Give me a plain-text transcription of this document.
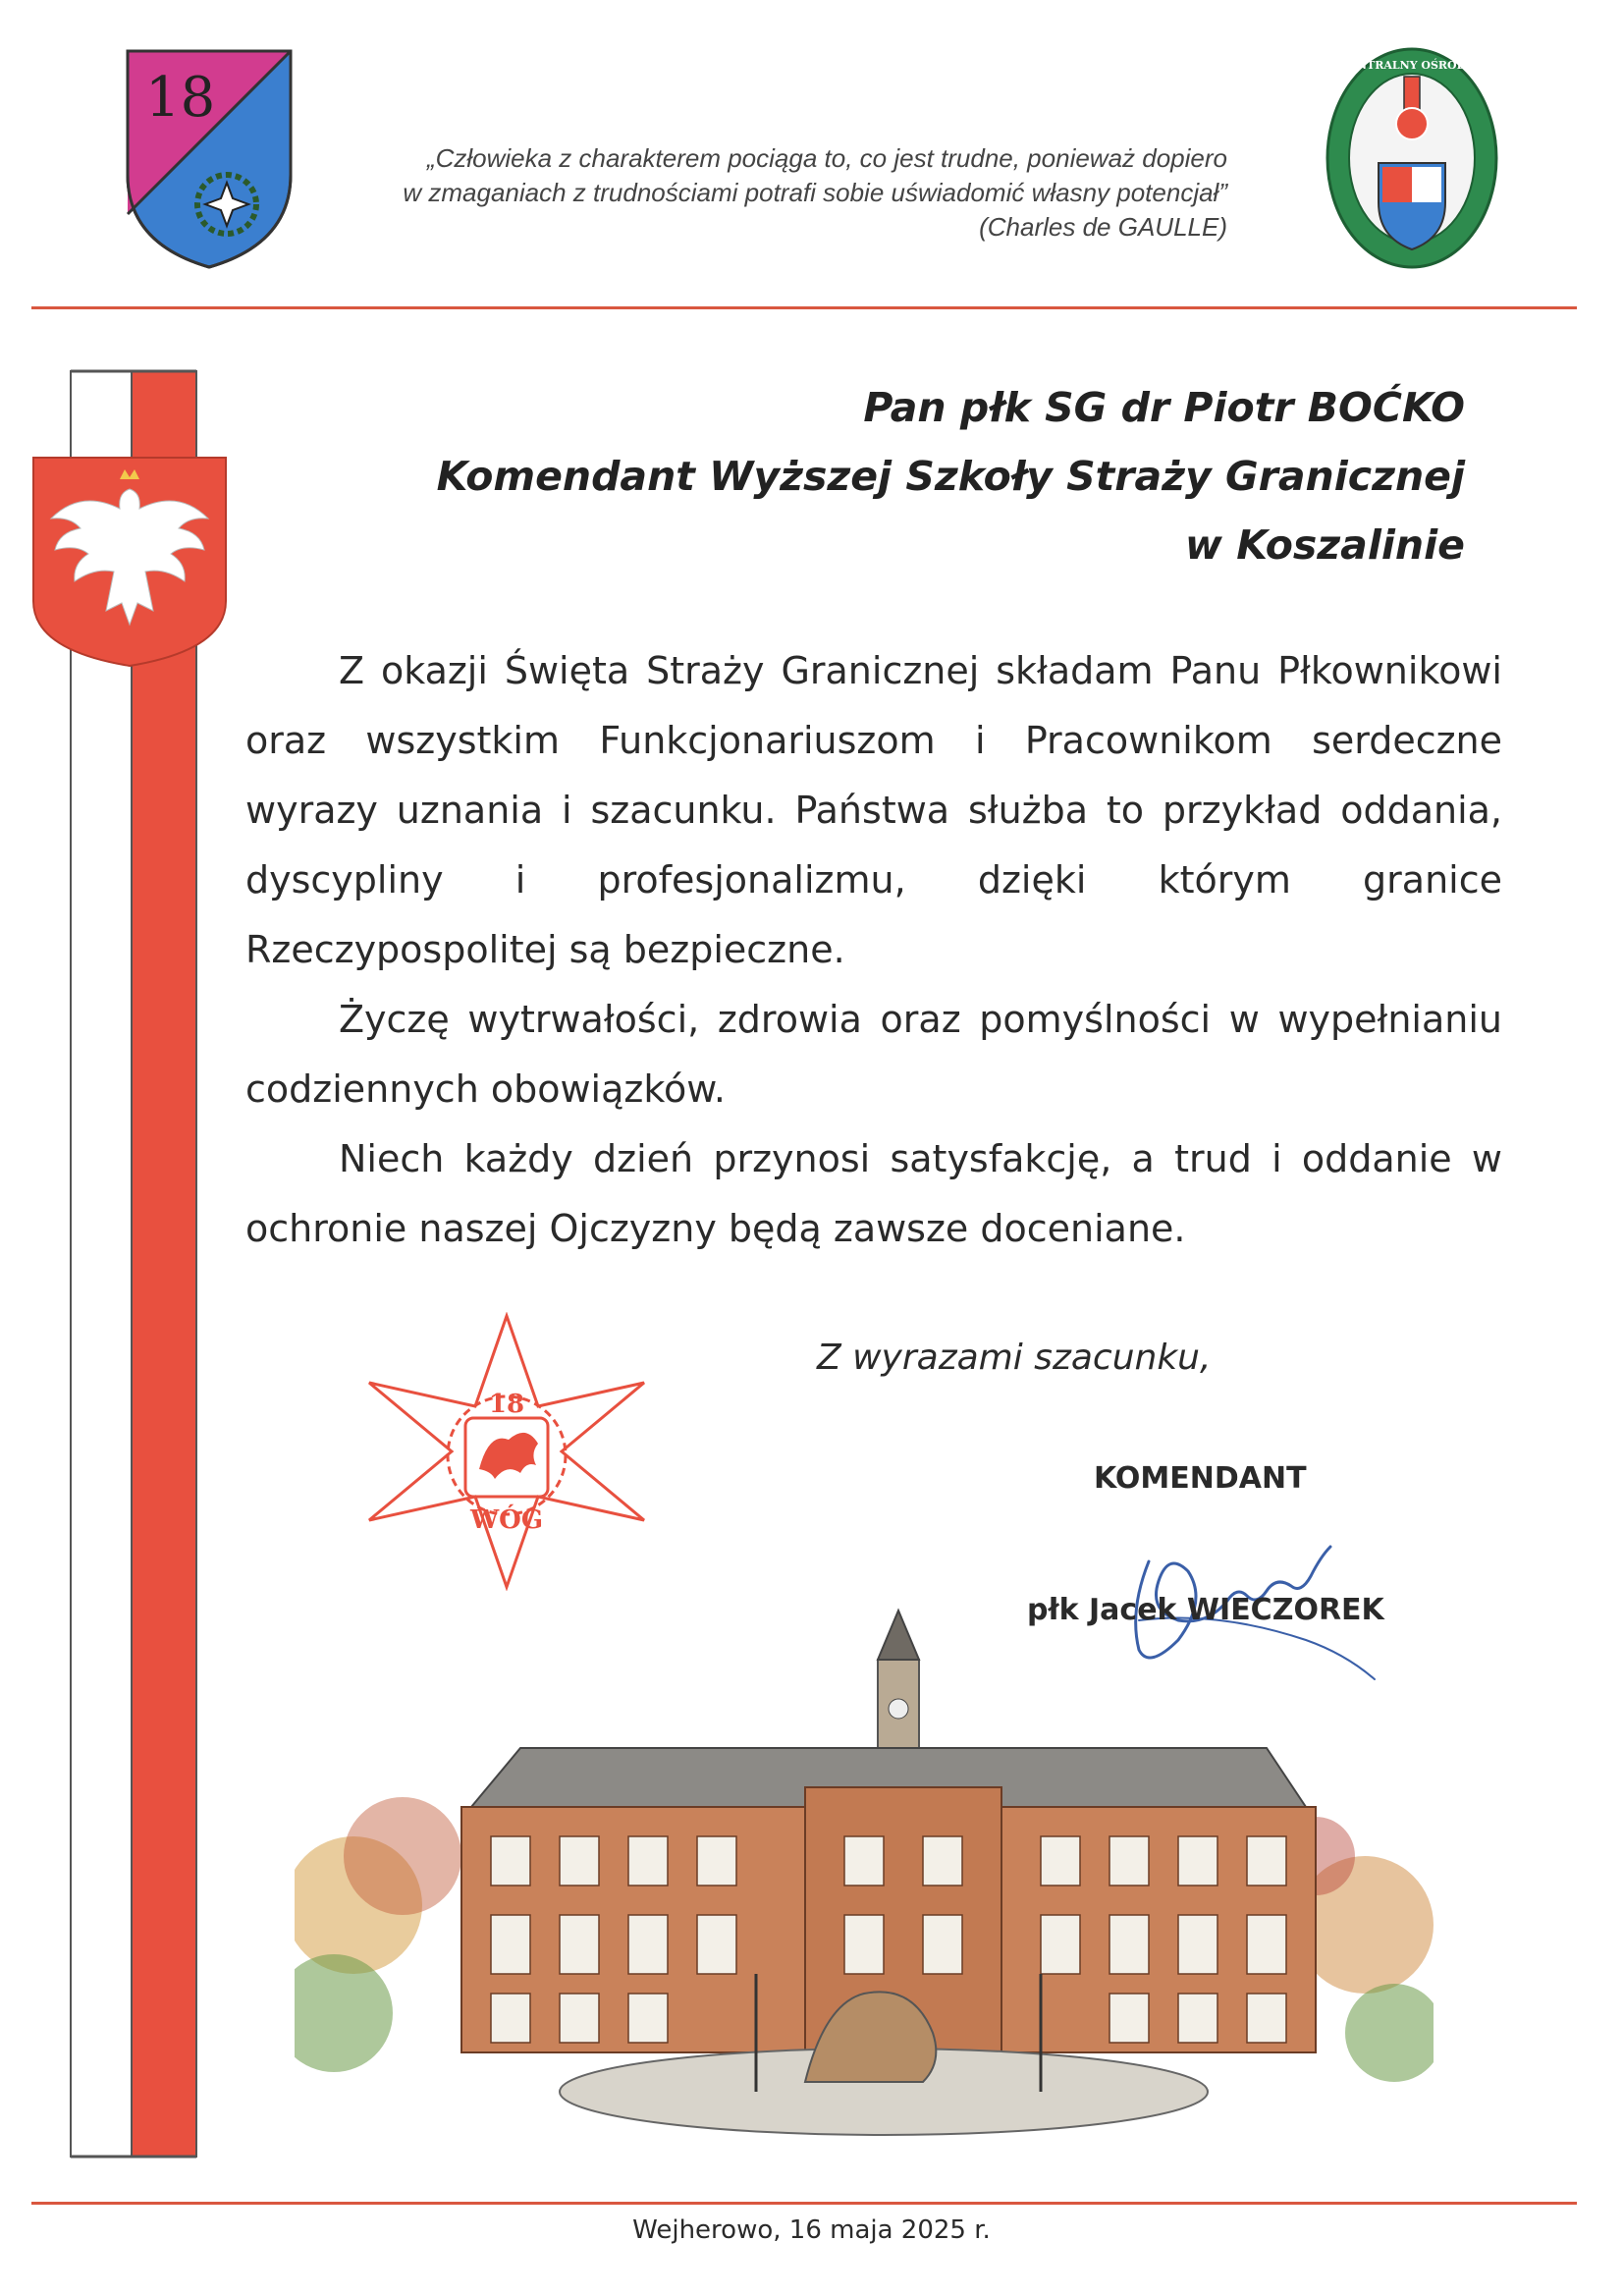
18
„Człowieka z charakterem pociąga to, co jest trudne, ponieważ dopiero
w zmaganiach z trudnościami potrafi sobie uświadomić własny potencjał”
(Charles de GAULLE)
CENTRALNY OŚRODEK
Pan płk SG dr Piotr BOĆKO
Komendant Wyższej Szkoły Straży Granicznej
w Koszalinie

Z okazji Święta Straży Granicznej składam Panu Płkownikowi oraz wszystkim Funkcjonariuszom i Pracownikom serdeczne wyrazy uznania i szacunku. Państwa służba to przykład oddania, dyscypliny i profesjonalizmu, dzięki którym granice Rzeczypospolitej są bezpieczne.

Życzę wytrwałości, zdrowia oraz pomyślności w wypełnianiu codziennych obowiązków.

Niech każdy dzień przynosi satysfakcję, a trud i oddanie w ochronie naszej Ojczyzny będą zawsze doceniane.

18
WÓG
Z wyrazami szacunku,
KOMENDANT
płk Jacek WIECZOREK
Wejherowo, 16 maja 2025 r.
